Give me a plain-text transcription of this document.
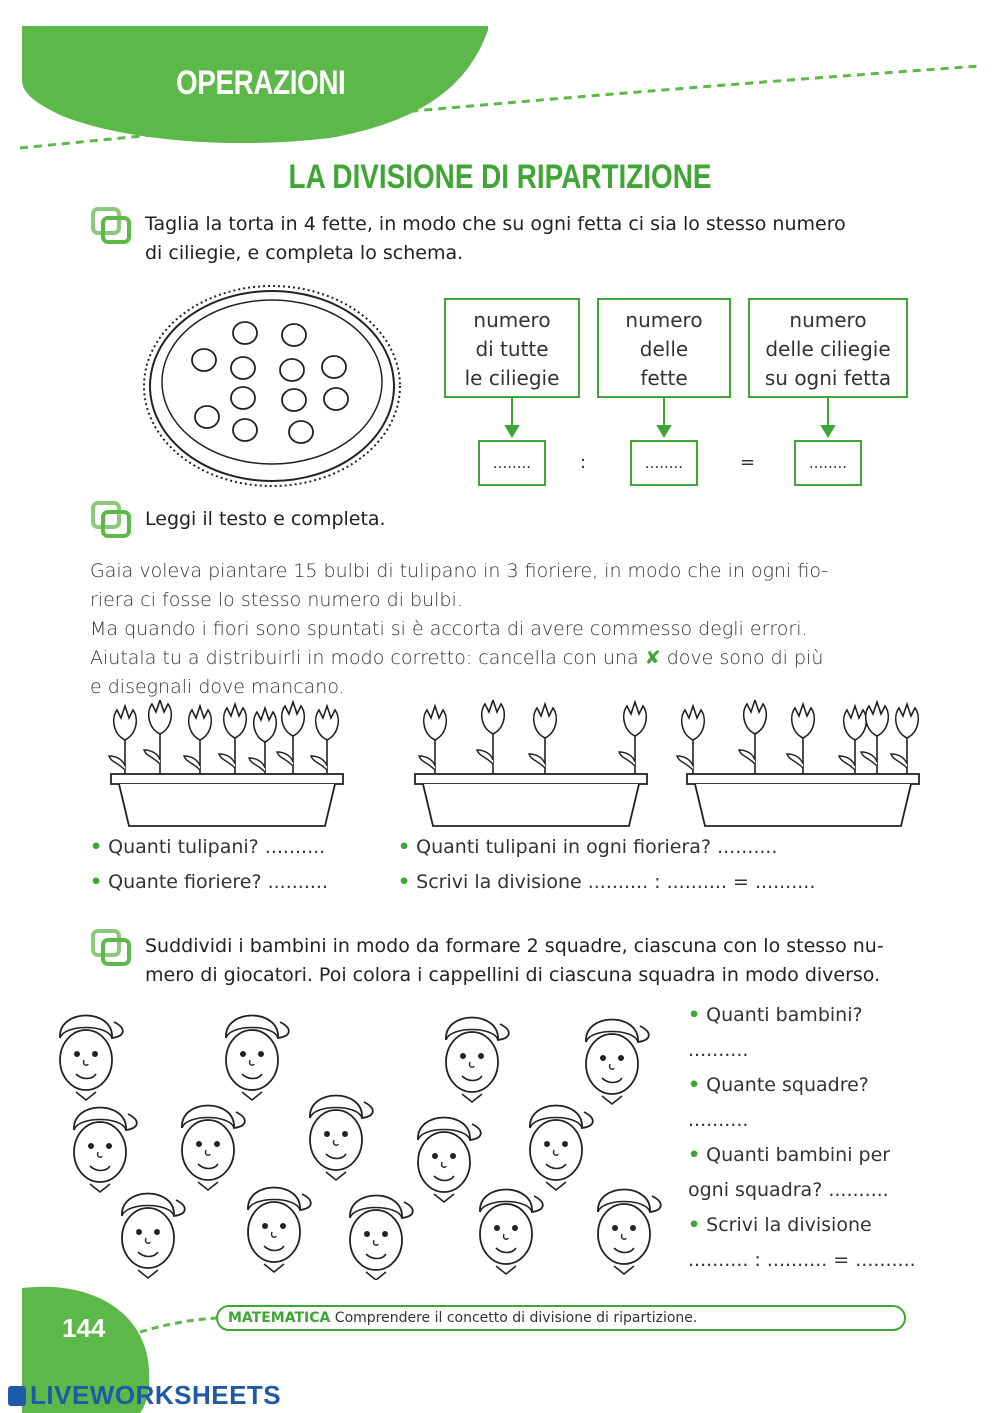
OPERAZIONI
LA DIVISIONE DI RIPARTIZIONE
Taglia la torta in 4 fette, in modo che su ogni fetta ci sia lo stesso numero
di ciliegie, e completa lo schema.
numero
di tutte
le ciliegie
numero
delle
fette
numero
delle ciliegie
su ogni fetta
........	:	........	=	........
Leggi il testo e completa.
Gaia voleva piantare 15 bulbi di tulipano in 3 fioriere, in modo che in ogni fio-
riera ci fosse lo stesso numero di bulbi.
Ma quando i fiori sono spuntati si è accorta di avere commesso degli errori.
Aiutala tu a distribuirli in modo corretto: cancella con una ✘ dove sono di più
e disegnali dove mancano.
• Quanti tulipani? ..........
• Quante fioriere? ..........
• Quanti tulipani in ogni fioriera? ..........
• Scrivi la divisione .......... : .......... = ..........
Suddividi i bambini in modo da formare 2 squadre, ciascuna con lo stesso nu-
mero di giocatori. Poi colora i cappellini di ciascuna squadra in modo diverso.
• Quanti bambini?
..........
• Quante squadre?
..........
• Quanti bambini per
ogni squadra? ..........
• Scrivi la divisione
.......... : .......... = ..........
144	MATEMATICA Comprendere il concetto di divisione di ripartizione.
LIVEWORKSHEETS
